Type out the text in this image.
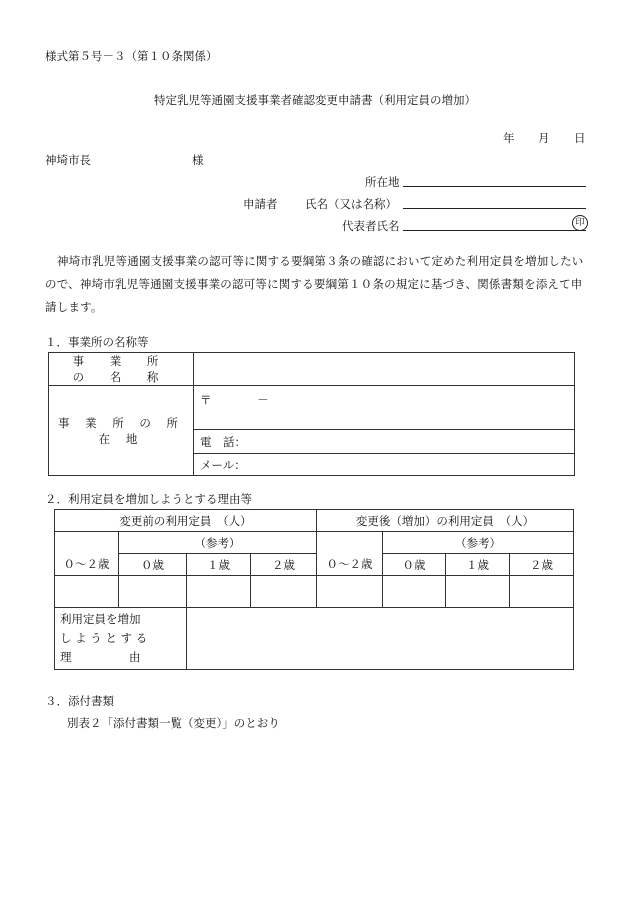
様式第５号－３（第１０条関係）
特定乳児等通園支援事業者確認変更申請書（利用定員の増加）
年 月 日
神埼市長	様
所在地
申請者 氏名（又は名称）
代表者氏名	印
神埼市乳児等通園支援事業の認可等に関する要綱第３条の確認において定めた利用定員を増加したいので、神埼市乳児等通園支援事業の認可等に関する要綱第１０条の規定に基づき、関係書類を添えて申請します。
１．事業所の名称等
事 業 所 の 名 称	
事 業 所 の 所 在 地	〒 －
	電　話：
	メール：
２．利用定員を増加しようとする理由等
変更前の利用定員　（人）				変更後（増加）の利用定員　（人）			
	（参考）				（参考）		
０～２歳	０歳	１歳	２歳	０～２歳	０歳	１歳	２歳

利用定員を増加
し よ う と す る
理　　　　　由							

３．添付書類
別表２「添付書類一覧（変更）」のとおり
